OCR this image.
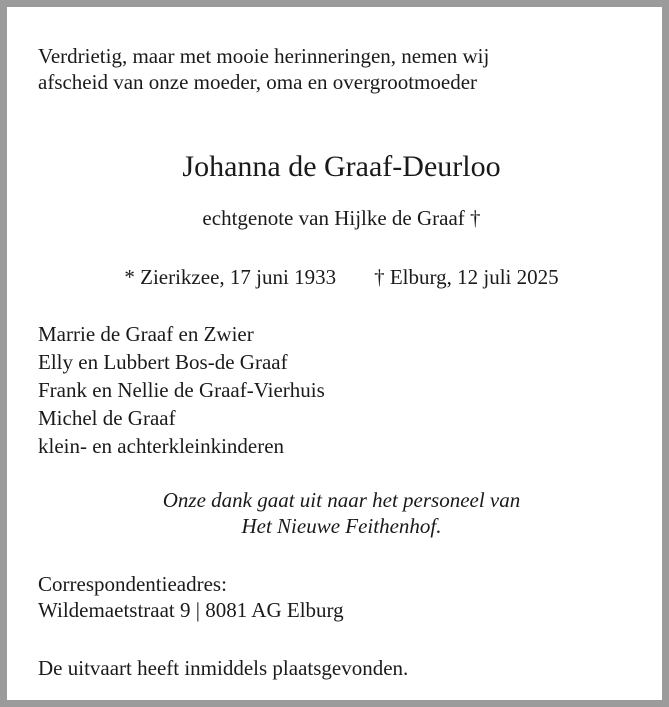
Verdrietig, maar met mooie herinneringen, nemen wij
afscheid van onze moeder, oma en overgrootmoeder
Johanna de Graaf-Deurloo
echtgenote van Hijlke de Graaf †
* Zierikzee, 17 juni 1933 † Elburg, 12 juli 2025
Marrie de Graaf en Zwier
Elly en Lubbert Bos-de Graaf
Frank en Nellie de Graaf-Vierhuis
Michel de Graaf
klein- en achterkleinkinderen
Onze dank gaat uit naar het personeel van
Het Nieuwe Feithenhof.
Correspondentieadres:
Wildemaetstraat 9 | 8081 AG Elburg
De uitvaart heeft inmiddels plaatsgevonden.
